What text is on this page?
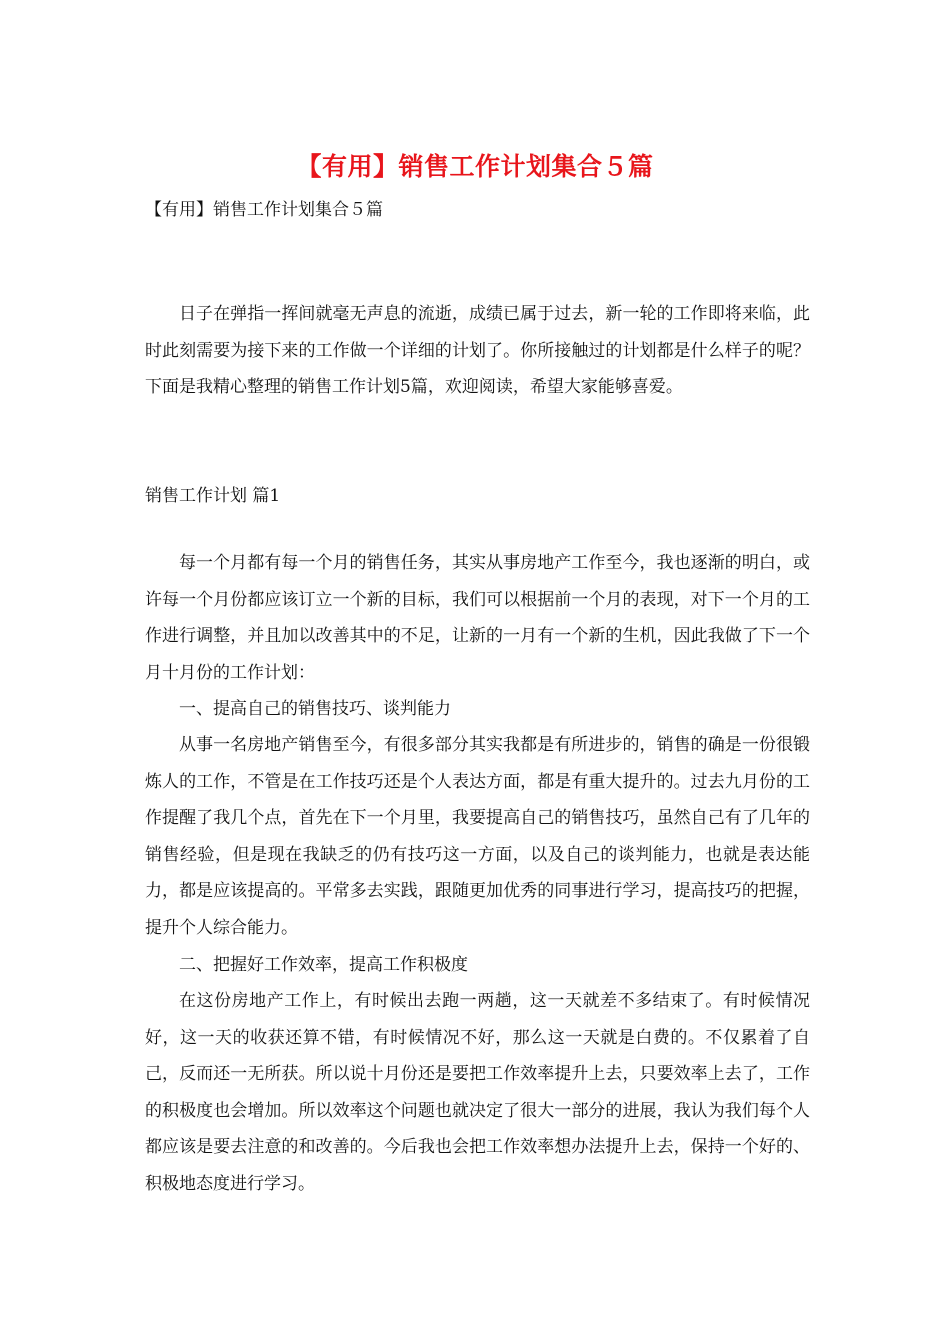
【有用】销售工作计划集合５篇
【有用】销售工作计划集合５篇

日子在弹指一挥间就毫无声息的流逝，成绩已属于过去，新一轮的工作即将来临，此时此刻需要为接下来的工作做一个详细的计划了。你所接触过的计划都是什么样子的呢？下面是我精心整理的销售工作计划5篇，欢迎阅读，希望大家能够喜爱。

销售工作计划 篇1

每一个月都有每一个月的销售任务，其实从事房地产工作至今，我也逐渐的明白，或许每一个月份都应该订立一个新的目标，我们可以根据前一个月的表现，对下一个月的工作进行调整，并且加以改善其中的不足，让新的一月有一个新的生机，因此我做了下一个月十月份的工作计划：

一、提高自己的销售技巧、谈判能力

从事一名房地产销售至今，有很多部分其实我都是有所进步的，销售的确是一份很锻炼人的工作，不管是在工作技巧还是个人表达方面，都是有重大提升的。过去九月份的工作提醒了我几个点，首先在下一个月里，我要提高自己的销售技巧，虽然自己有了几年的销售经验，但是现在我缺乏的仍有技巧这一方面，以及自己的谈判能力，也就是表达能力，都是应该提高的。平常多去实践，跟随更加优秀的同事进行学习，提高技巧的把握，提升个人综合能力。

二、把握好工作效率，提高工作积极度

在这份房地产工作上，有时候出去跑一两趟，这一天就差不多结束了。有时候情况好，这一天的收获还算不错，有时候情况不好，那么这一天就是白费的。不仅累着了自己，反而还一无所获。所以说十月份还是要把工作效率提升上去，只要效率上去了，工作的积极度也会增加。所以效率这个问题也就决定了很大一部分的进展，我认为我们每个人都应该是要去注意的和改善的。今后我也会把工作效率想办法提升上去，保持一个好的、积极地态度进行学习。
